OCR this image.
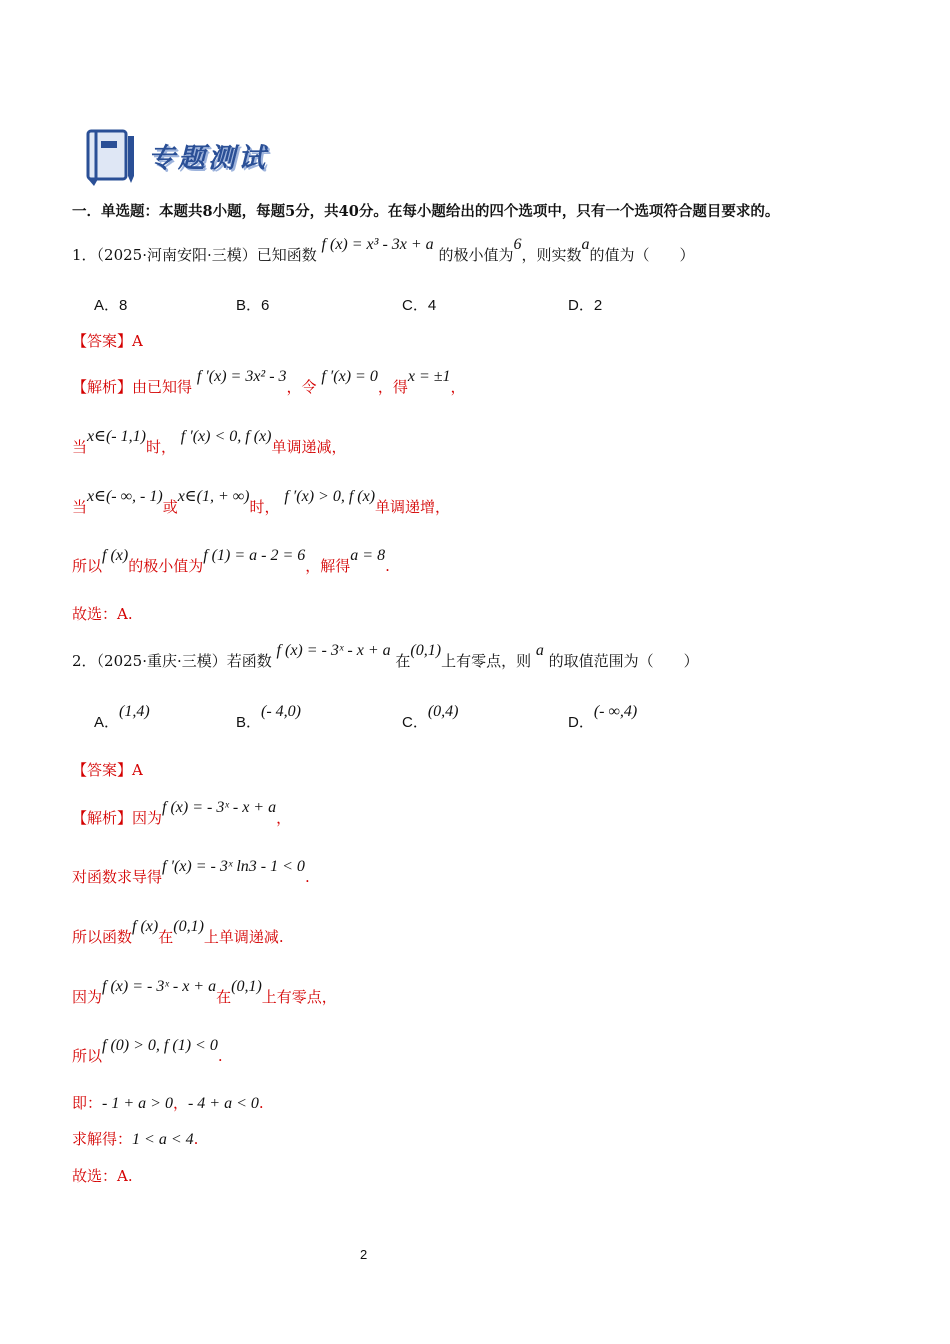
专题测试
一．单选题：本题共8小题，每题5分，共40分。在每小题给出的四个选项中，只有一个选项符合题目要求的。
1．（2025·河南安阳·三模）已知函数 f (x) = x³ - 3x + a 的极小值为6，则实数a的值为（　　）
A．8	B．6	C．4	D．2
【答案】A
【解析】由已知得 f ′(x) = 3x² - 3，令 f ′(x) = 0，得x = ±1，
当x∈(- 1,1)时， f ′(x) < 0, f (x)单调递减，
当x∈(- ∞, - 1)或x∈(1, + ∞)时， f ′(x) > 0, f (x)单调递增，
所以f (x)的极小值为f (1) = a - 2 = 6，解得a = 8.
故选：A.
2．（2025·重庆·三模）若函数 f (x) = - 3ˣ - x + a 在(0,1)上有零点，则 a 的取值范围为（　　）
A．(1,4)
B．(- 4,0)
C．(0,4)
D．(- ∞,4)
【答案】A
【解析】因为f (x) = - 3ˣ - x + a，
对函数求导得f ′(x) = - 3ˣ ln3 - 1 < 0.
所以函数f (x)在(0,1)上单调递减.
因为f (x) = - 3ˣ - x + a在(0,1)上有零点，
所以f (0) > 0, f (1) < 0.
即：- 1 + a > 0，- 4 + a < 0.
求解得：1 < a < 4.
故选：A.
2
